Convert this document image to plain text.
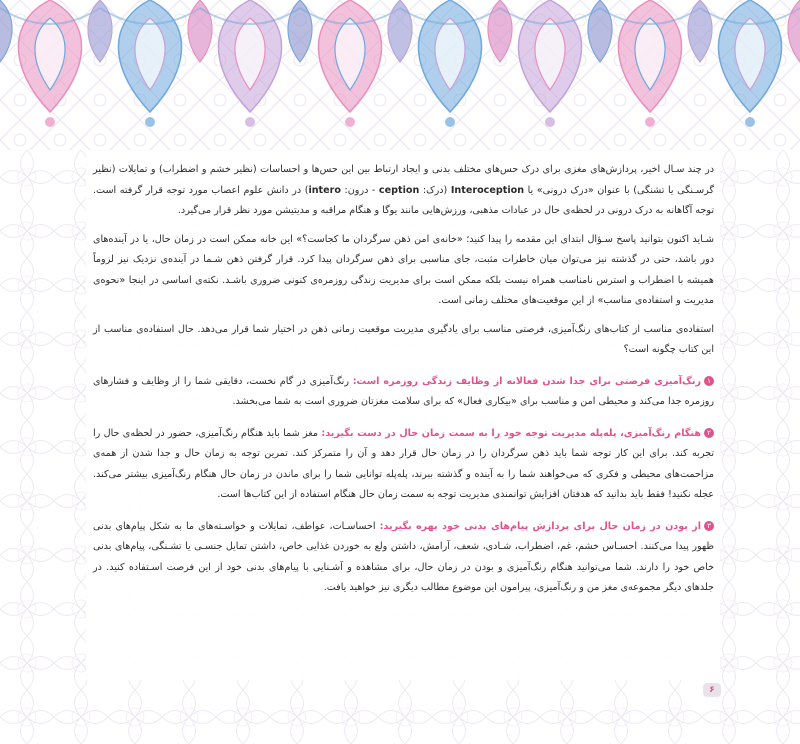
در چند سـال اخیر، پردازش‌های مغزی برای درک حس‌های مختلف بدنی و ایجاد ارتباط بین این حس‌ها و احساسات (نظیر خشم و اضطراب) و تمایلات (نظیر گرسـنگی یا تشنگی) با عنوان «درک درونی» یا Interoception (درک: ception - درون: intero) در دانش علوم اعصاب مورد توجه قرار گرفته است. توجه آگاهانه به درک درونی در لحظه‌ی حال در عبادات مذهبی، ورزش‌هایی مانند یوگا و هنگام مراقبه و مدیتیشن مورد نظر قرار می‌گیرد.

شـاید اکنون بتوانید پاسخ سـؤال ابتدای این مقدمه را پیدا کنید؛ «خانه‌ی امن ذهن سرگردان ما کجاست؟» این خانه ممکن است در زمان حال، یا در آینده‌های دور باشد، حتی در گذشته نیز می‌توان میان خاطرات مثبت، جای مناسبی برای ذهن سرگردان پیدا کرد. قرار گرفتن ذهن شـما در آینده‌ی نزدیک نیز لزوماً همیشه با اضطراب و استرس نامناسب همراه نیست بلکه ممکن است برای مدیریت زندگی روزمره‌ی کنونی ضروری باشـد. نکته‌ی اساسی در اینجا «نحوه‌ی مدیریت و استفاده‌ی مناسب» از این موقعیت‌های مختلف زمانی است.

استفاده‌ی مناسب از کتاب‌های رنگ‌آمیزی، فرصتی مناسب برای یادگیری مدیریت موقعیت زمانی ذهن در اختیار شما قرار می‌دهد. حال استفاده‌ی مناسب از این کتاب چگونه است؟

۱رنگ‌آمیزی فرصتی برای جدا شدن فعالانه از وظایف زندگی روزمره است: رنگ‌آمیزی در گام نخست، دقایقی شما را از وظایف و فشارهای روزمره جدا می‌کند و محیطی امن و مناسب برای «بیکاری فعال» که برای سلامت مغزتان ضروری است به شما می‌بخشد.

۲هنگام رنگ‌آمیزی، پله‌پله مدیریت توجه خود را به سمت زمان حال در دست بگیرید: مغز شما باید هنگام رنگ‌آمیزی، حضور در لحظه‌ی حال را تجربه کند. برای این کار توجه شما باید ذهن سرگردان را در زمان حال قرار دهد و آن را متمرکز کند. تمرین توجه به زمان حال و جدا شدن از همه‌ی مزاحمت‌های محیطی و فکری که می‌خواهند شما را به آینده و گذشته ببرند، پله‌پله توانایی شما را برای ماندن در زمان حال هنگام رنگ‌آمیزی بیشتر می‌کند. عجله نکنید! فقط باید بدانید که هدفتان افزایش توانمندی مدیریت توجه به سمت زمان حال هنگام استفاده از این کتاب‌ها است.

۳از بودن در زمان حال برای پردازش پیام‌های بدنی خود بهره بگیرید: احساسـات، عواطف، تمایلات و خواسـته‌های ما به شکل پیام‌های بدنی ظهور پیدا می‌کنند. احسـاس خشم، غم، اضطراب، شـادی، شعف، آرامش، داشتن ولع به خوردن غذایی خاص، داشتن تمایل جنسـی یا تشـنگی، پیام‌های بدنی خاص خود را دارند. شما می‌توانید هنگام رنگ‌آمیزی و بودن در زمان حال، برای مشاهده و آشـنایی با پیام‌های بدنی خود از این فرصت اسـتفاده کنید. در جلدهای دیگر مجموعه‌ی مغز من و رنگ‌آمیزی، پیرامون این موضوع مطالب دیگری نیز خواهید یافت.

۶
